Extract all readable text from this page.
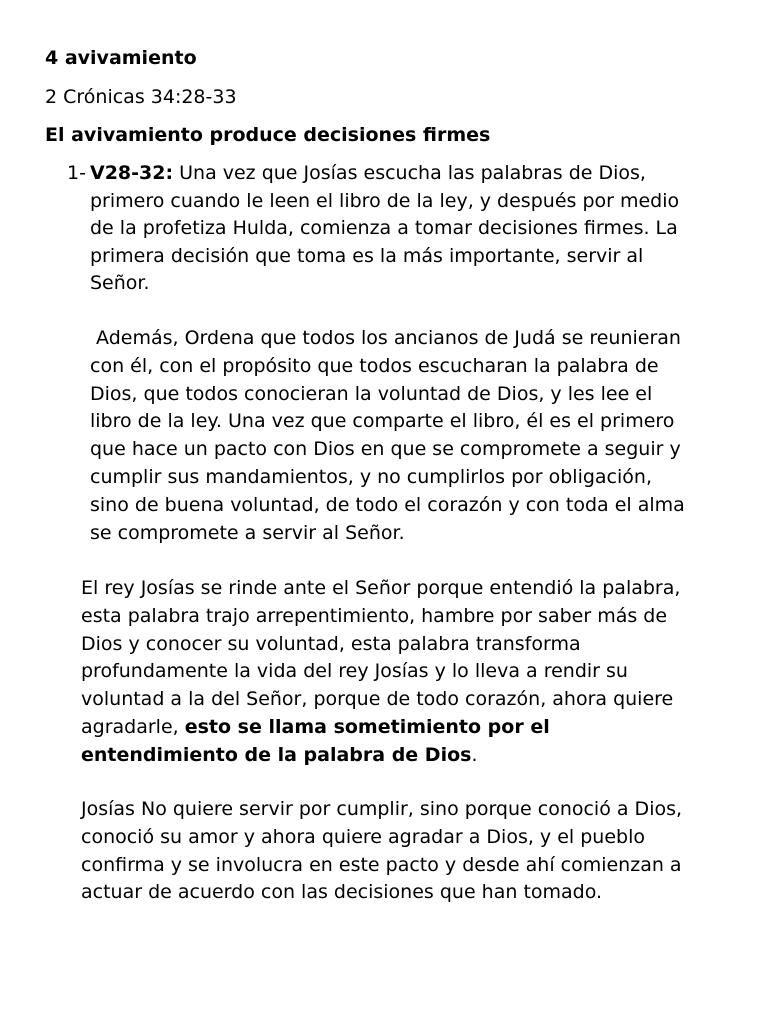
4 avivamiento

2 Crónicas 34:28-33

El avivamiento produce decisiones firmes
1- V28-32: Una vez que Josías escucha las palabras de Dios,
primero cuando le leen el libro de la ley, y después por medio
de la profetiza Hulda, comienza a tomar decisiones firmes. La
primera decisión que toma es la más importante, servir al
Señor.
Además, Ordena que todos los ancianos de Judá se reunieran
con él, con el propósito que todos escucharan la palabra de
Dios, que todos conocieran la voluntad de Dios, y les lee el
libro de la ley. Una vez que comparte el libro, él es el primero
que hace un pacto con Dios en que se compromete a seguir y
cumplir sus mandamientos, y no cumplirlos por obligación,
sino de buena voluntad, de todo el corazón y con toda el alma
se compromete a servir al Señor.
El rey Josías se rinde ante el Señor porque entendió la palabra,
esta palabra trajo arrepentimiento, hambre por saber más de
Dios y conocer su voluntad, esta palabra transforma
profundamente la vida del rey Josías y lo lleva a rendir su
voluntad a la del Señor, porque de todo corazón, ahora quiere
agradarle, esto se llama sometimiento por el
entendimiento de la palabra de Dios.
Josías No quiere servir por cumplir, sino porque conoció a Dios,
conoció su amor y ahora quiere agradar a Dios, y el pueblo
confirma y se involucra en este pacto y desde ahí comienzan a
actuar de acuerdo con las decisiones que han tomado.
